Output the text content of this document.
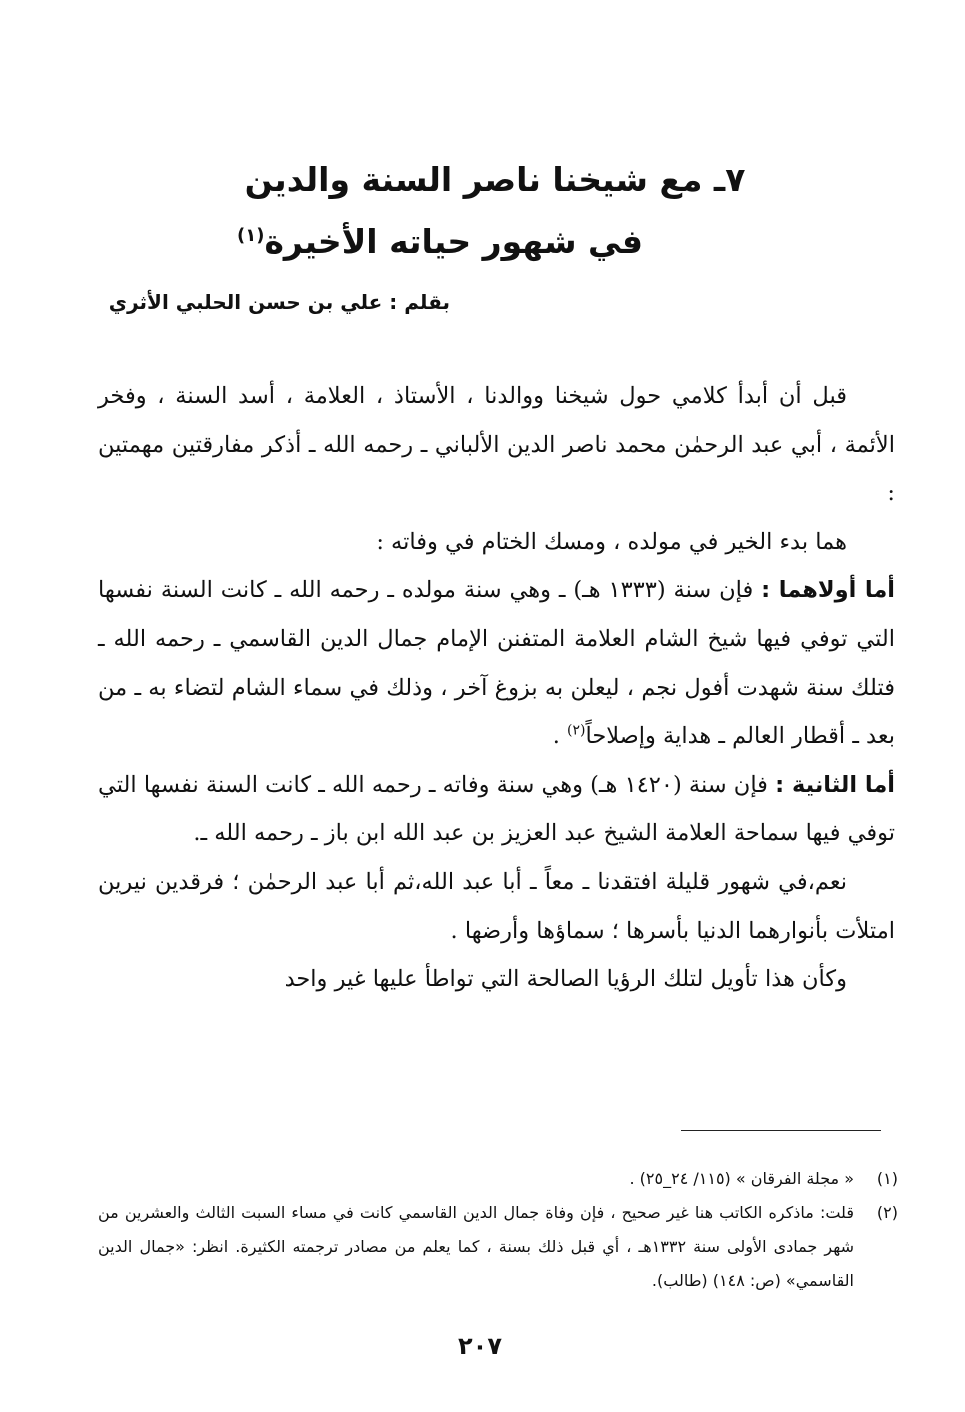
٧ـ مع شيخنا ناصر السنة والدين
في شهور حياته الأخيرة$^{(١)}$
بقلم : علي بن حسن الحلبي الأثري

قبل أن أبدأ كلامي حول شيخنا ووالدنا ، الأستاذ ، العلامة ، أسد السنة ، وفخر الأئمة ، أبي عبد الرحمٰن محمد ناصر الدين الألباني ـ رحمه الله ـ أذكر مفارقتين مهمتين :

هما بدء الخير في مولده ، ومسك الختام في وفاته :

أما أولاهما : فإن سنة (١٣٣٣ هـ) ـ وهي سنة مولده ـ رحمه الله ـ كانت السنة نفسها التي توفي فيها شيخ الشام العلامة المتفنن الإمام جمال الدين القاسمي ـ رحمه الله ـ فتلك سنة شهدت أفول نجم ، ليعلن به بزوغ آخر ، وذلك في سماء الشام لتضاء به ـ من بعد ـ أقطار العالم ـ هداية وإصلاحاً$^{(٢)}$ .

أما الثانية : فإن سنة (١٤٢٠ هـ) وهي سنة وفاته ـ رحمه الله ـ كانت السنة نفسها التي توفي فيها سماحة العلامة الشيخ عبد العزيز بن عبد الله ابن باز ـ رحمه الله ـ.

نعم،في شهور قليلة افتقدنا ـ معاً ـ أبا عبد الله،ثم أبا عبد الرحمٰن ؛ فرقدين نيرين امتلأت بأنوارهما الدنيا بأسرها ؛ سماؤها وأرضها .

وكأن هذا تأويل لتلك الرؤيا الصالحة التي تواطأ عليها غير واحد

(١)
« مجلة الفرقان » (١١٥/ ٢٤_٢٥) .
(٢)
قلت: ماذكره الكاتب هنا غير صحيح ، فإن وفاة جمال الدين القاسمي كانت في مساء السبت الثالث والعشرين من شهر جمادى الأولى سنة ١٣٣٢هـ ، أي قبل ذلك بسنة ، كما يعلم من مصادر ترجمته الكثيرة. انظر: «جمال الدين القاسمي» (ص: ١٤٨) (طالب).
٢٠٧
